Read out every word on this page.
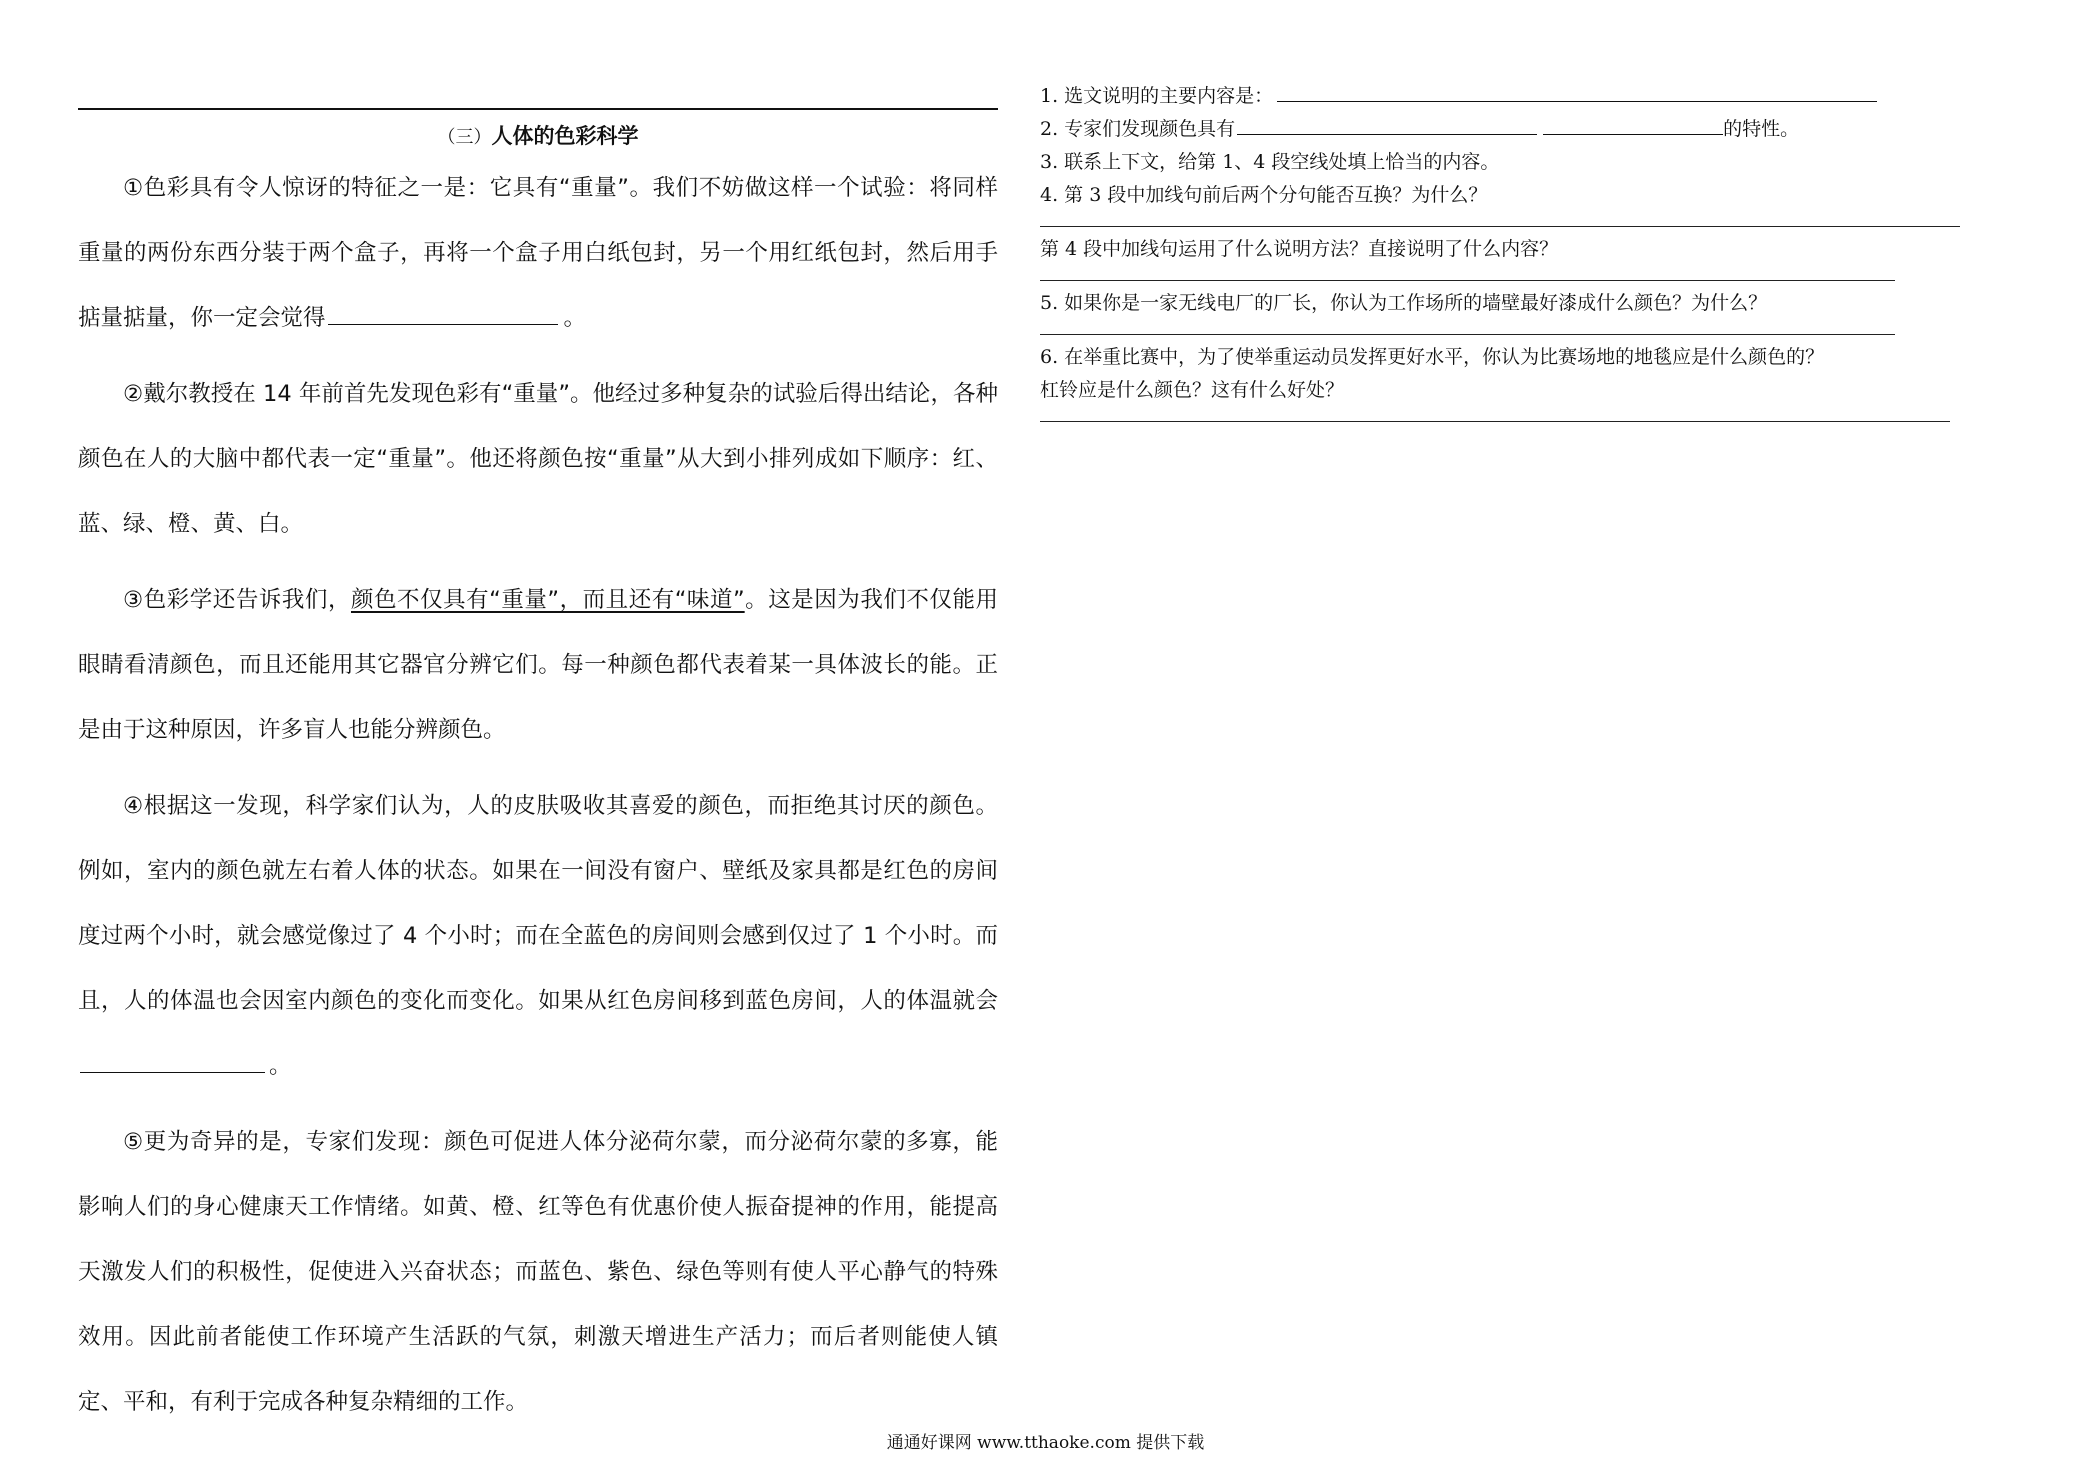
（三）人体的色彩科学

①色彩具有令人惊讶的特征之一是：它具有“重量”。我们不妨做这样一个试验：将同样重量的两份东西分装于两个盒子，再将一个盒子用白纸包封，另一个用红纸包封，然后用手掂量掂量，你一定会觉得	。

②戴尔教授在 14 年前首先发现色彩有“重量”。他经过多种复杂的试验后得出结论，各种颜色在人的大脑中都代表一定“重量”。他还将颜色按“重量”从大到小排列成如下顺序：红、蓝、绿、橙、黄、白。

③色彩学还告诉我们，颜色不仅具有“重量”，而且还有“味道”。这是因为我们不仅能用眼睛看清颜色，而且还能用其它器官分辨它们。每一种颜色都代表着某一具体波长的能。正是由于这种原因，许多盲人也能分辨颜色。

④根据这一发现，科学家们认为，人的皮肤吸收其喜爱的颜色，而拒绝其讨厌的颜色。例如，室内的颜色就左右着人体的状态。如果在一间没有窗户、壁纸及家具都是红色的房间度过两个小时，就会感觉像过了 4 个小时；而在全蓝色的房间则会感到仅过了 1 个小时。而且，人的体温也会因室内颜色的变化而变化。如果从红色房间移到蓝色房间，人的体温就会。

⑤更为奇异的是，专家们发现：颜色可促进人体分泌荷尔蒙，而分泌荷尔蒙的多寡，能影响人们的身心健康天工作情绪。如黄、橙、红等色有优惠价使人振奋提神的作用，能提高天激发人们的积极性，促使进入兴奋状态；而蓝色、紫色、绿色等则有使人平心静气的特殊效用。因此前者能使工作环境产生活跃的气氛，刺激天增进生产活力；而后者则能使人镇定、平和，有利于完成各种复杂精细的工作。

1. 选文说明的主要内容是：
2. 专家们发现颜色具有	的特性。
3. 联系上下文，给第 1、4 段空线处填上恰当的内容。
4. 第 3 段中加线句前后两个分句能否互换？为什么？
第 4 段中加线句运用了什么说明方法？直接说明了什么内容？
5. 如果你是一家无线电厂的厂长，你认为工作场所的墙壁最好漆成什么颜色？为什么？
6. 在举重比赛中，为了使举重运动员发挥更好水平，你认为比赛场地的地毯应是什么颜色的？
杠铃应是什么颜色？这有什么好处？
通通好课网 www.tthaoke.com 提供下载
